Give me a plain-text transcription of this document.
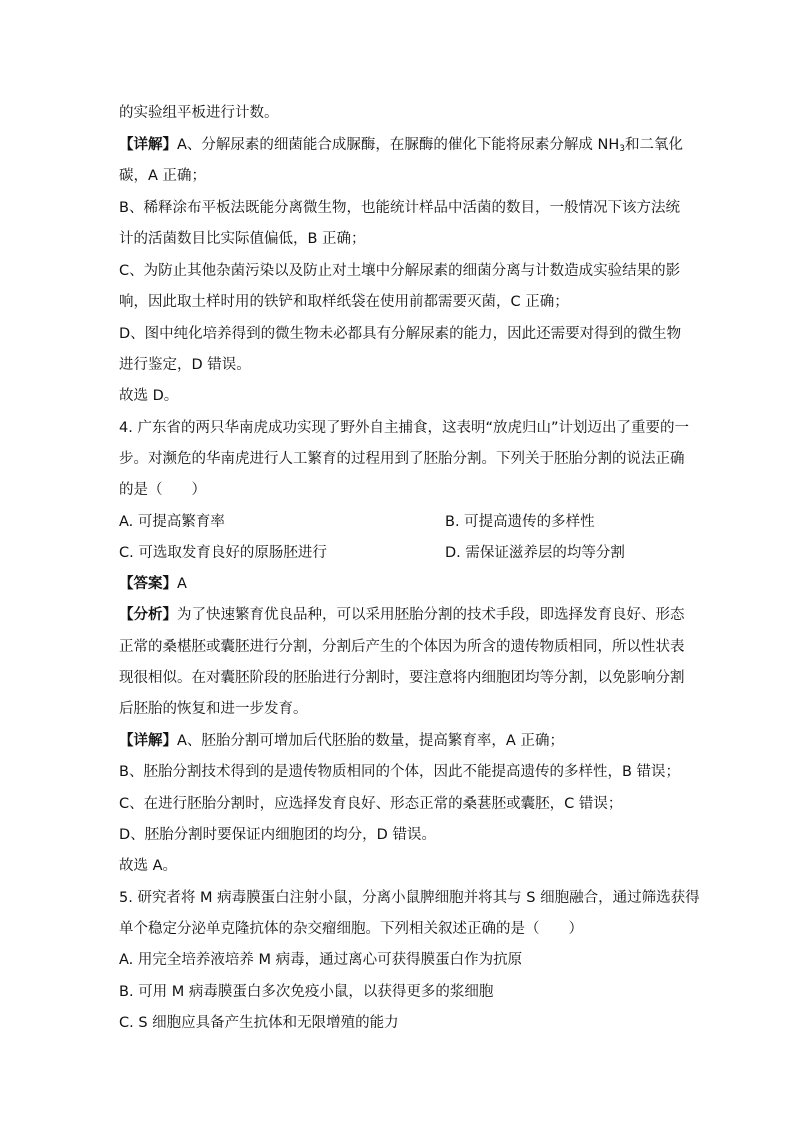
的实验组平板进行计数。
【详解】A、分解尿素的细菌能合成脲酶，在脲酶的催化下能将尿素分解成 $NH_3$和二氧化
碳，A 正确；
B、稀释涂布平板法既能分离微生物，也能统计样品中活菌的数目，一般情况下该方法统
计的活菌数目比实际值偏低，B 正确；
C、为防止其他杂菌污染以及防止对土壤中分解尿素的细菌分离与计数造成实验结果的影
响，因此取土样时用的铁铲和取样纸袋在使用前都需要灭菌，C 正确；
D、图中纯化培养得到的微生物未必都具有分解尿素的能力，因此还需要对得到的微生物
进行鉴定，D 错误。
故选 D。
4. 广东省的两只华南虎成功实现了野外自主捕食，这表明“放虎归山”计划迈出了重要的一
步。对濒危的华南虎进行人工繁育的过程用到了胚胎分割。下列关于胚胎分割的说法正确
的是（　　）
A. 可提高繁育率	B. 可提高遗传的多样性
C. 可选取发育良好的原肠胚进行	D. 需保证滋养层的均等分割
【答案】A
【分析】为了快速繁育优良品种，可以采用胚胎分割的技术手段，即选择发育良好、形态
正常的桑椹胚或囊胚进行分割，分割后产生的个体因为所含的遗传物质相同，所以性状表
现很相似。在对囊胚阶段的胚胎进行分割时，要注意将内细胞团均等分割，以免影响分割
后胚胎的恢复和进一步发育。
【详解】A、胚胎分割可增加后代胚胎的数量，提高繁育率，A 正确；
B、胚胎分割技术得到的是遗传物质相同的个体，因此不能提高遗传的多样性，B 错误；
C、在进行胚胎分割时，应选择发育良好、形态正常的桑葚胚或囊胚，C 错误；
D、胚胎分割时要保证内细胞团的均分，D 错误。
故选 A。
5. 研究者将 M 病毒膜蛋白注射小鼠，分离小鼠脾细胞并将其与 S 细胞融合，通过筛选获得
单个稳定分泌单克隆抗体的杂交瘤细胞。下列相关叙述正确的是（　　）
A. 用完全培养液培养 M 病毒，通过离心可获得膜蛋白作为抗原
B. 可用 M 病毒膜蛋白多次免疫小鼠，以获得更多的浆细胞
C. S 细胞应具备产生抗体和无限增殖的能力
